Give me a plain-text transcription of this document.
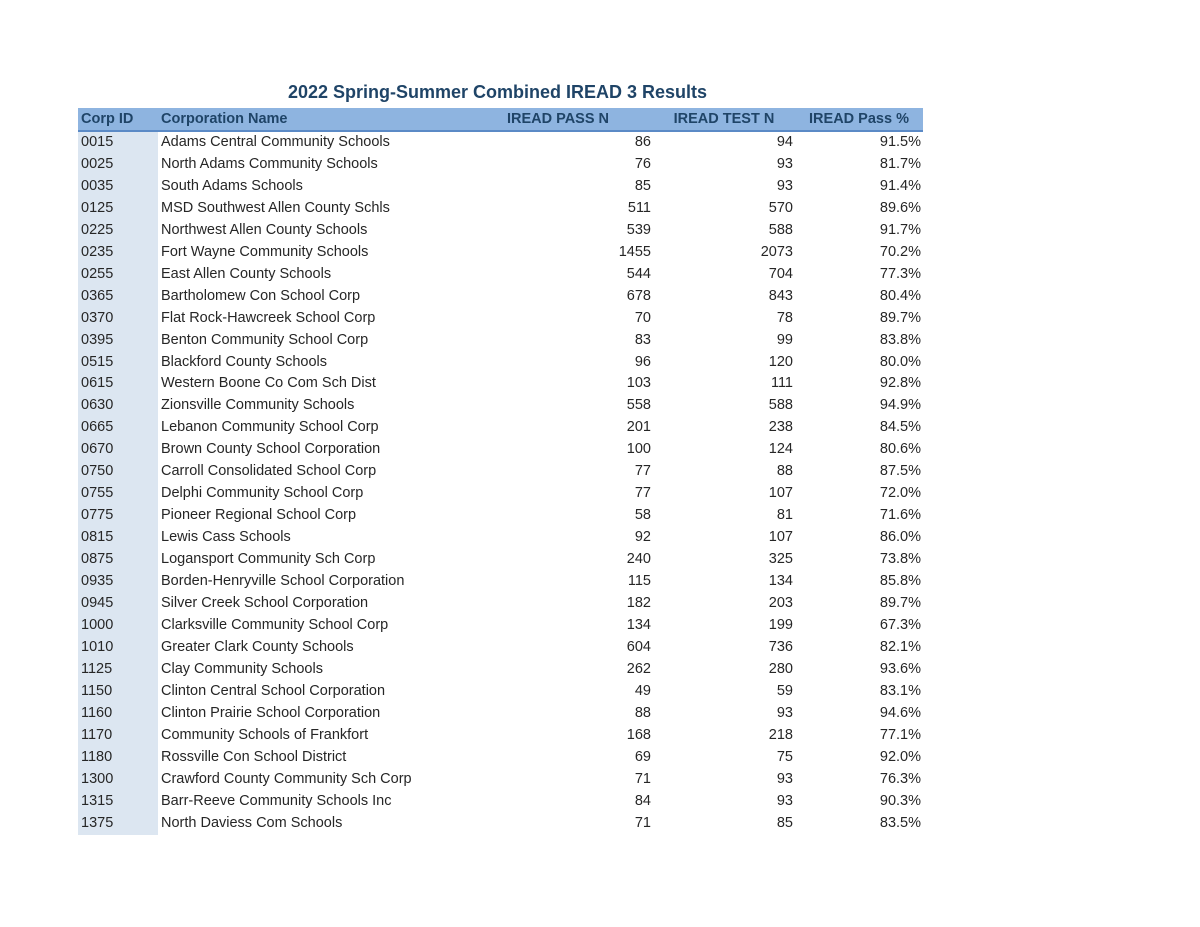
2022 Spring-Summer Combined IREAD 3 Results
Corp ID	Corporation Name	IREAD PASS N	IREAD TEST N	IREAD Pass %
0015	Adams Central Community Schools	86	94	91.5%
0025	North Adams Community Schools	76	93	81.7%
0035	South Adams Schools	85	93	91.4%
0125	MSD Southwest Allen County Schls	511	570	89.6%
0225	Northwest Allen County Schools	539	588	91.7%
0235	Fort Wayne Community Schools	1455	2073	70.2%
0255	East Allen County Schools	544	704	77.3%
0365	Bartholomew Con School Corp	678	843	80.4%
0370	Flat Rock-Hawcreek School Corp	70	78	89.7%
0395	Benton Community School Corp	83	99	83.8%
0515	Blackford County Schools	96	120	80.0%
0615	Western Boone Co Com Sch Dist	103	111	92.8%
0630	Zionsville Community Schools	558	588	94.9%
0665	Lebanon Community School Corp	201	238	84.5%
0670	Brown County School Corporation	100	124	80.6%
0750	Carroll Consolidated School Corp	77	88	87.5%
0755	Delphi Community School Corp	77	107	72.0%
0775	Pioneer Regional School Corp	58	81	71.6%
0815	Lewis Cass Schools	92	107	86.0%
0875	Logansport Community Sch Corp	240	325	73.8%
0935	Borden-Henryville School Corporation	115	134	85.8%
0945	Silver Creek School Corporation	182	203	89.7%
1000	Clarksville Community School Corp	134	199	67.3%
1010	Greater Clark County Schools	604	736	82.1%
1125	Clay Community Schools	262	280	93.6%
1150	Clinton Central School Corporation	49	59	83.1%
1160	Clinton Prairie School Corporation	88	93	94.6%
1170	Community Schools of Frankfort	168	218	77.1%
1180	Rossville Con School District	69	75	92.0%
1300	Crawford County Community Sch Corp	71	93	76.3%
1315	Barr-Reeve Community Schools Inc	84	93	90.3%
1375	North Daviess Com Schools	71	85	83.5%
